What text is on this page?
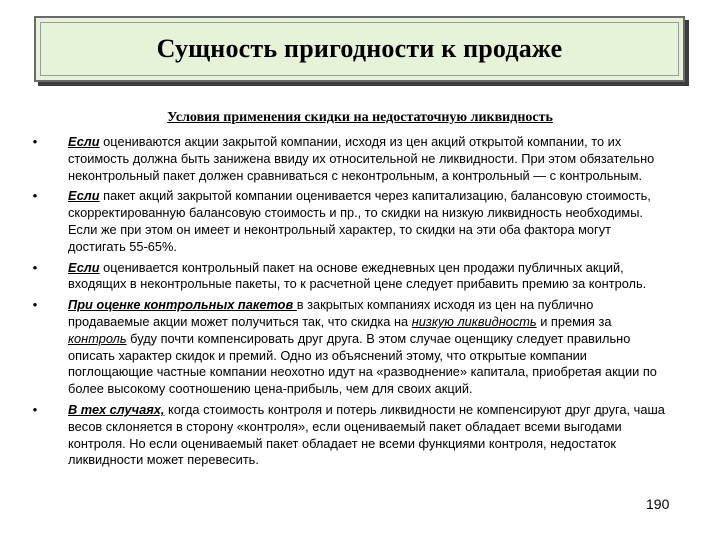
Сущность пригодности к продаже
Условия применения скидки на недостаточную ликвидность
• Если оцениваются акции закрытой компании, исходя из цен акций открытой компании, то их стоимость должна быть занижена ввиду их относительной не ликвидности. При этом обязательно неконтрольный пакет должен сравниваться с неконтрольным, а контрольный — с контрольным.
• Если пакет акций закрытой компании оценивается через капитализацию, балансовую стоимость, скорректированную балансовую стоимость и пр., то скидки на низкую ликвидность необходимы. Если же при этом он имеет и неконтрольный характер, то скидки на эти оба фактора могут достигать 55-65%.
• Если оценивается контрольный пакет на основе ежедневных цен продажи публичных акций, входящих в неконтрольные пакеты, то к расчетной цене следует прибавить премию за контроль.
• При оценке контрольных пакетов в закрытых компаниях исходя из цен на публично продаваемые акции может получиться так, что скидка на низкую ликвидность и премия за контроль буду почти компенсировать друг друга. В этом случае оценщику следует правильно описать характер скидок и премий. Одно из объяснений этому, что открытые компании поглощающие частные компании неохотно идут на «разводнение» капитала, приобретая акции по более высокому соотношению цена-прибыль, чем для своих акций.
• В тех случаях, когда стоимость контроля и потерь ликвидности не компенсируют друг друга, чаша весов склоняется в сторону «контроля», если оцениваемый пакет обладает всеми выгодами контроля. Но если оцениваемый пакет обладает не всеми функциями контроля, недостаток ликвидности может перевесить.
190
